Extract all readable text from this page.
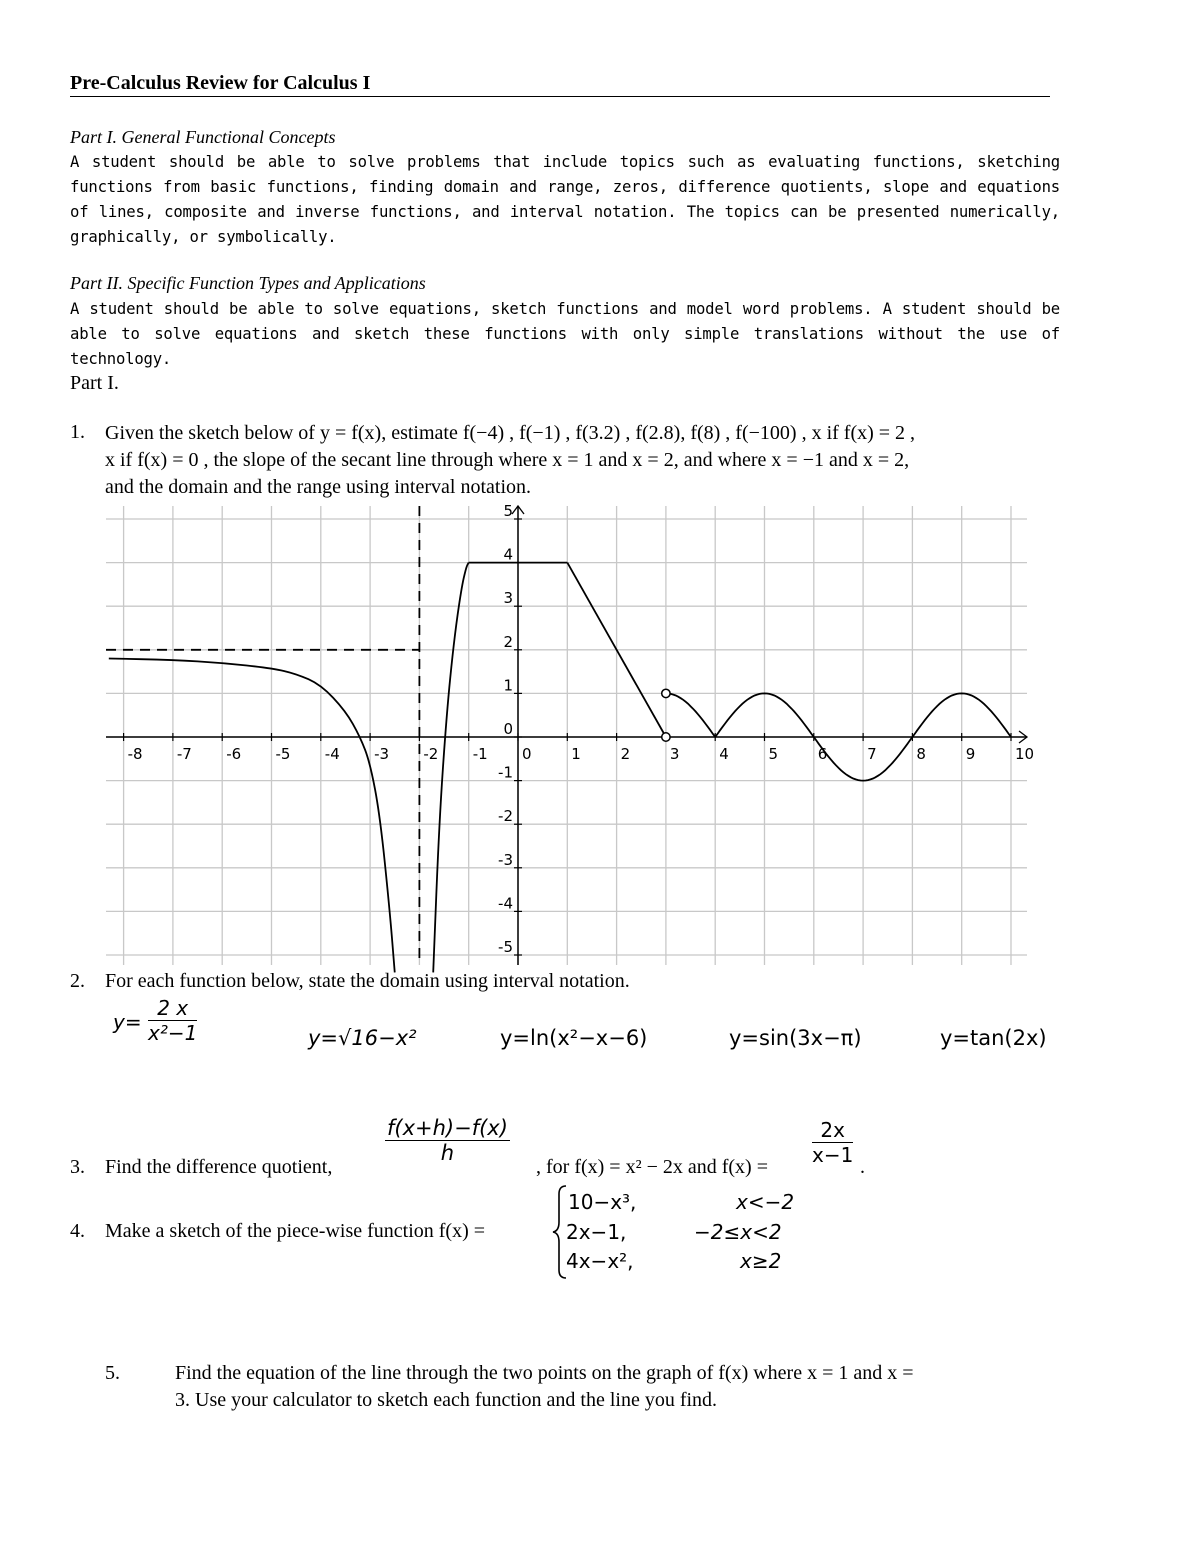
Pre-Calculus Review for Calculus I
Part I. General Functional Concepts
A student should be able to solve problems that include topics such as evaluating functions, sketching functions from basic functions, finding domain and range, zeros, difference quotients, slope and equations of lines, composite and inverse functions, and interval notation. The topics can be presented numerically, graphically, or symbolically.
Part II. Specific Function Types and Applications
A student should be able to solve equations, sketch functions and model word problems. A student should be able to solve equations and sketch these functions with only simple translations without the use of technology.
Part I.
1. Given the sketch below of y = f(x), estimate f(−4) , f(−1) , f(3.2) , f(2.8), f(8) , f(−100) , x if f(x) = 2 ,
x if f(x) = 0 , the slope of the secant line through where x = 1 and x = 2, and where x = −1 and x = 2,
and the domain and the range using interval notation.
-8 -7 -6 -5 -4 -3 -2 -1 0	1	2	3	4	5	6	7	8	9	10
-5
-4
-3
-2
-1
0
1
2
3
4
5
2. For each function below, state the domain using interval notation.
$y= \frac{2 x}{\text{x²−1}}$	y=√16−x²	y=ln(x²−x−6)	y=sin(3x−π)	y=tan(2x)
3. Find the difference quotient,
$\frac{f(x+h)-f(x)}{h}$
, for f(x) = x² − 2x and $f(x) = \frac{2x}{x-1}$ .
4. Make a sketch of the piece-wise function f(x) =
10−x³,	x<−2
2x−1,	−2≤x<2
4x−x²,	x≥2
5.	Find the equation of the line through the two points on the graph of f(x) where x = 1 and x =
3. Use your calculator to sketch each function and the line you find.
